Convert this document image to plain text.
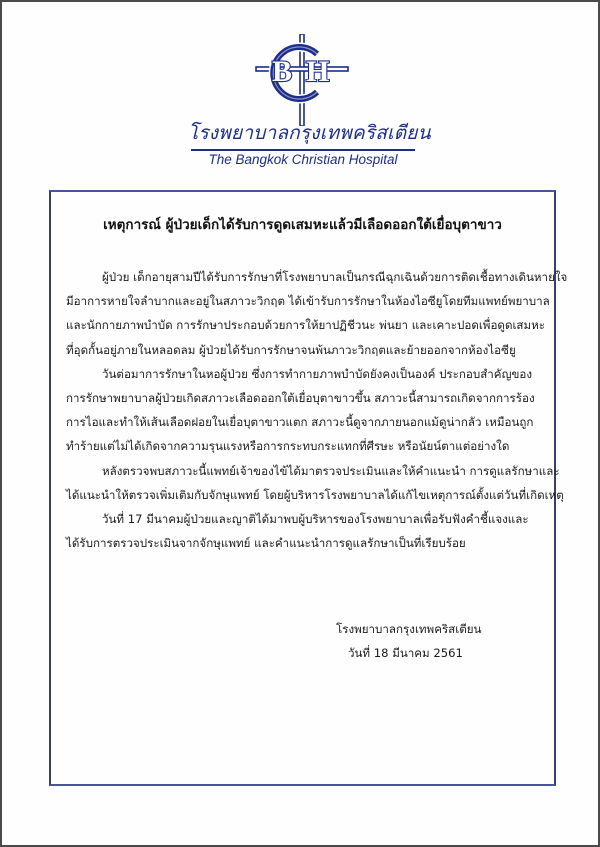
B H
โรงพยาบาลกรุงเทพคริสเตียน
The Bangkok Christian Hospital
เหตุการณ์ ผู้ป่วยเด็กได้รับการดูดเสมหะแล้วมีเลือดออกใต้เยื่อบุตาขาว
ผู้ป่วย เด็กอายุสามปีได้รับการรักษาที่โรงพยาบาลเป็นกรณีฉุกเฉินด้วยการติดเชื้อทางเดินหายใจ
มีอาการหายใจลำบากและอยู่ในสภาวะวิกฤต ได้เข้ารับการรักษาในห้องไอซียูโดยทีมแพทย์พยาบาล
และนักกายภาพบำบัด การรักษาประกอบด้วยการให้ยาปฏิชีวนะ พ่นยา และเคาะปอดเพื่อดูดเสมหะ
ที่อุดกั้นอยู่ภายในหลอดลม ผู้ป่วยได้รับการรักษาจนพ้นภาวะวิกฤตและย้ายออกจากห้องไอซียู
วันต่อมาการรักษาในหอผู้ป่วย ซึ่งการทำกายภาพบำบัดยังคงเป็นองค์ ประกอบสำคัญของ
การรักษาพยาบาลผู้ป่วยเกิดสภาวะเลือดออกใต้เยื่อบุตาขาวขึ้น สภาวะนี้สามารถเกิดจากการร้อง
การไอและทำให้เส้นเลือดฝอยในเยื่อบุตาขาวแตก สภาวะนี้ดูจากภายนอกแม้ดูน่ากลัว เหมือนถูก
ทำร้ายแต่ไม่ได้เกิดจากความรุนแรงหรือการกระทบกระแทกที่ศีรษะ หรือนัยน์ตาแต่อย่างใด
หลังตรวจพบสภาวะนี้แพทย์เจ้าของไข้ได้มาตรวจประเมินและให้คำแนะนำ การดูแลรักษาและ
ได้แนะนำให้ตรวจเพิ่มเติมกับจักษุแพทย์ โดยผู้บริหารโรงพยาบาลได้แก้ไขเหตุการณ์ตั้งแต่วันที่เกิดเหตุ
วันที่ 17 มีนาคมผู้ป่วยและญาติได้มาพบผู้บริหารของโรงพยาบาลเพื่อรับฟังคำชี้แจงและ
ได้รับการตรวจประเมินจากจักษุแพทย์ และคำแนะนำการดูแลรักษาเป็นที่เรียบร้อย
โรงพยาบาลกรุงเทพคริสเตียน
วันที่ 18 มีนาคม 2561
